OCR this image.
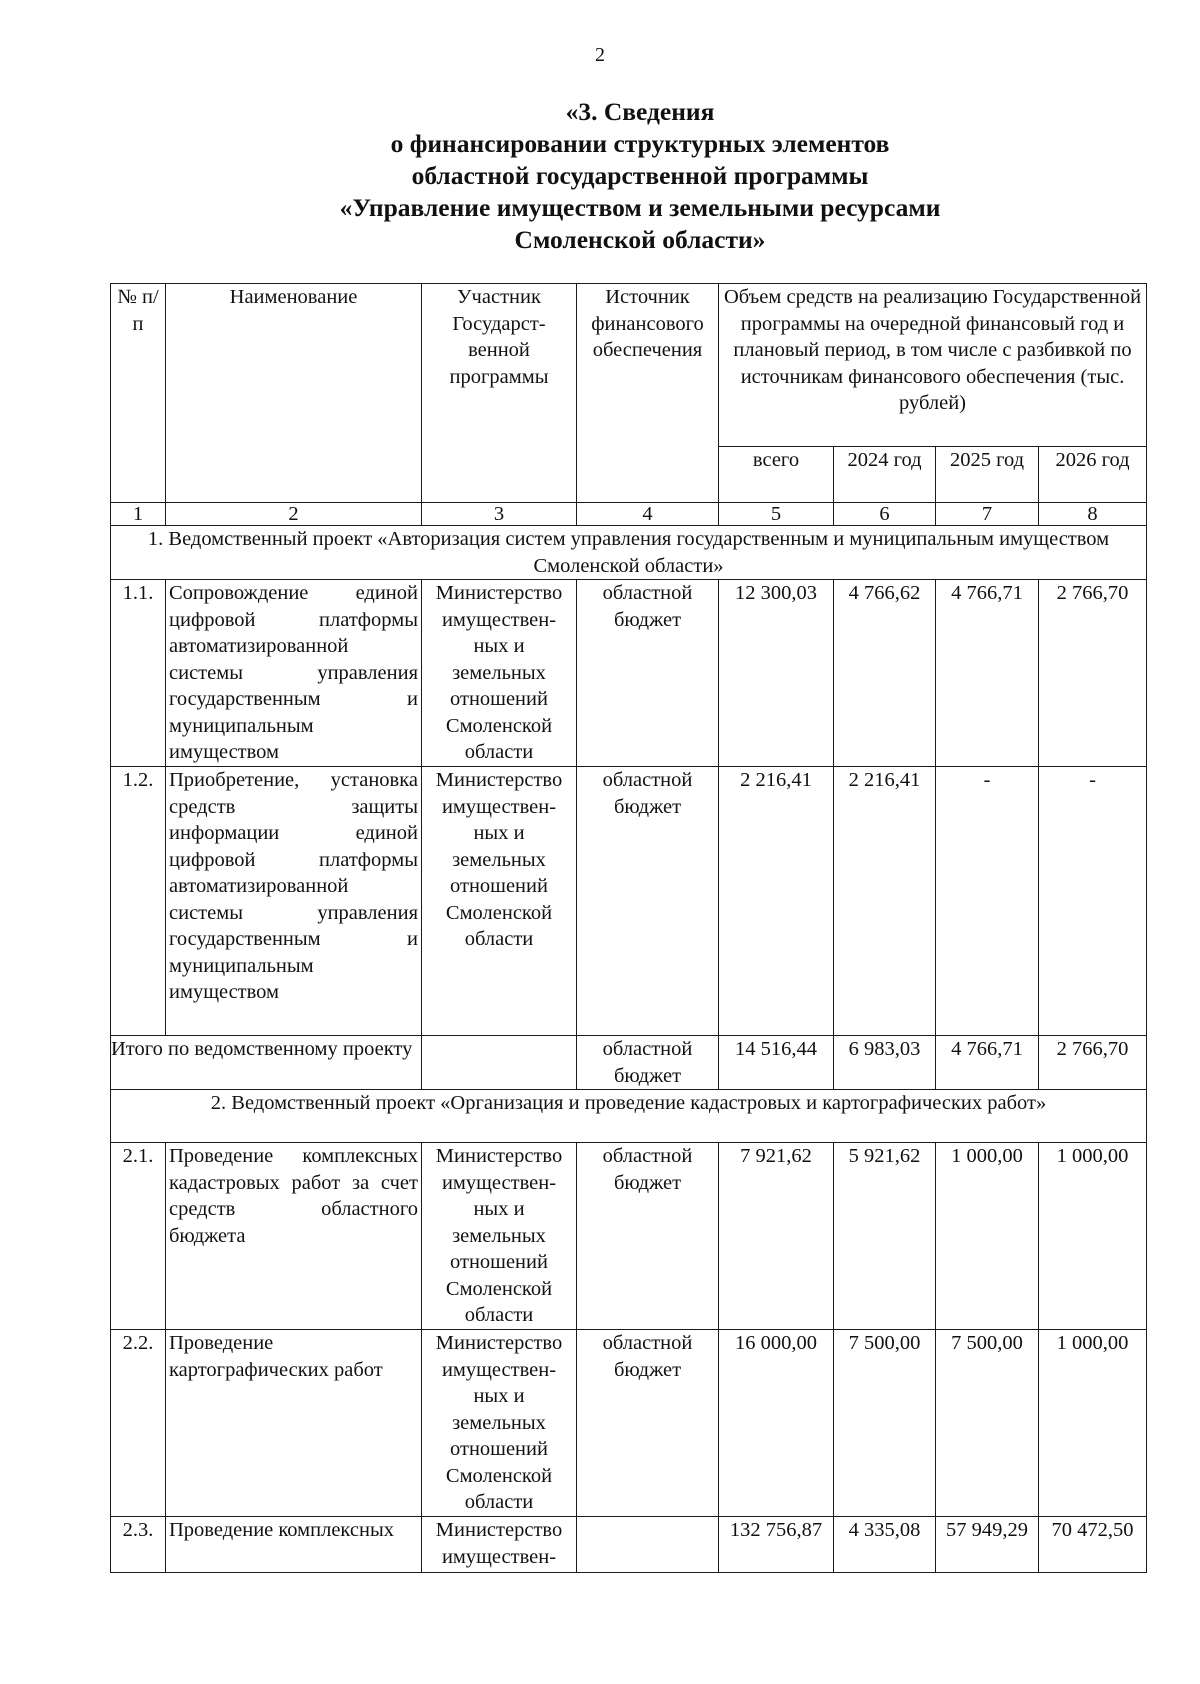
2
«3. Сведения
о финансировании структурных элементов
областной государственной программы
«Управление имуществом и земельными ресурсами
Смоленской области»
№ п/п	Наименование	Участник Государст-венной программы	Источник финансового обеспечения	Объем средств на реализацию Государственной программы на очередной финансовый год и плановый период, в том числе с разбивкой по источникам финансового обеспечения (тыс. рублей)			
				всего	2024 год	2025 год	2026 год
1	2	3	4	5	6	7	8
1. Ведомственный проект «Авторизация систем управления государственным и муниципальным имуществом Смоленской области»							
1.1.	Сопровождение единой цифровой платформы автоматизированной системы управления государственным и муниципальным имуществом	Министерство имуществен-ных и земельных отношений Смоленской области	областной бюджет	12 300,03	4 766,62	4 766,71	2 766,70
1.2.	Приобретение, установка средств защиты информации единой цифровой платформы автоматизированной системы управления государственным и муниципальным имуществом	Министерство имуществен-ных и земельных отношений Смоленской области	областной бюджет	2 216,41	2 216,41	-	-
Итого по ведомственному проекту			областной бюджет	14 516,44	6 983,03	4 766,71	2 766,70
2. Ведомственный проект «Организация и проведение кадастровых и картографических работ»							
2.1.	Проведение комплексных кадастровых работ за счет средств областного бюджета	Министерство имуществен-ных и земельных отношений Смоленской области	областной бюджет	7 921,62	5 921,62	1 000,00	1 000,00
2.2.	Проведение картографических работ	Министерство имуществен-ных и земельных отношений Смоленской области	областной бюджет	16 000,00	7 500,00	7 500,00	1 000,00
2.3.	Проведение комплексных	Министерство имуществен-		132 756,87	4 335,08	57 949,29	70 472,50
